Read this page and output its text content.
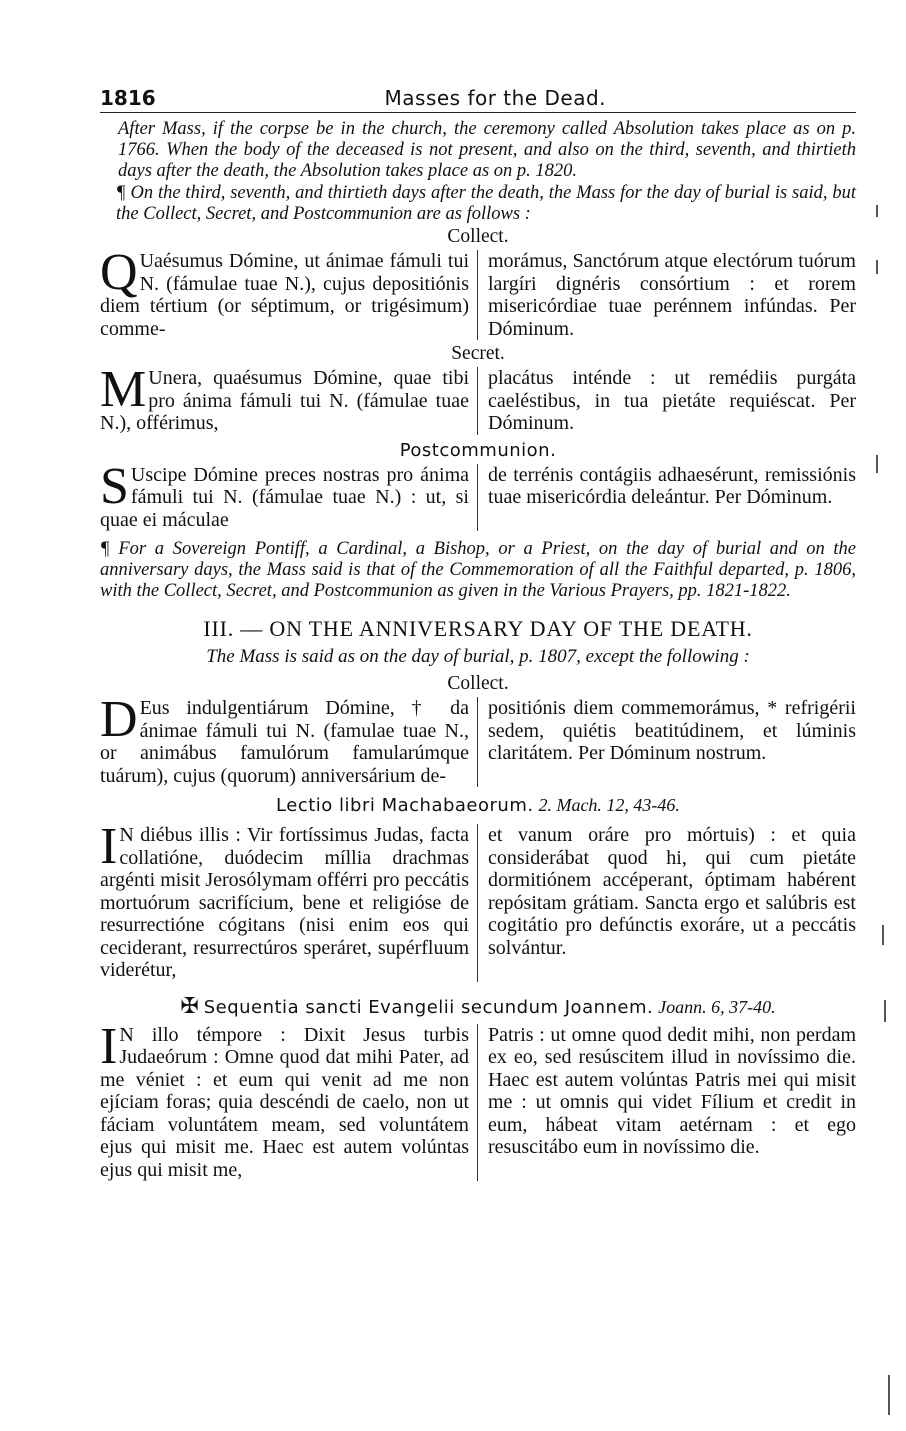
1816	Masses for the Dead.

After Mass, if the corpse be in the church, the ceremony called Absolution takes place as on p. 1766. When the body of the deceased is not present, and also on the third, seventh, and thirtieth days after the death, the Absolution takes place as on p. 1820.

¶ On the third, seventh, and thirtieth days after the death, the Mass for the day of burial is said, but the Collect, Secret, and Postcommunion are as follows :

Collect.
Q Uaésumus Dómine, ut ánimae fámuli tui N. (fámulae tuae N.), cujus depositiónis diem tértium (or séptimum, or trigésimum) comme-
morámus, Sanctórum atque electórum tuórum largíri dignéris consórtium : et rorem misericórdiae tuae perénnem infúndas. Per Dóminum.
Secret.
M Unera, quaésumus Dómine, quae tibi pro ánima fámuli tui N. (fámulae tuae N.), offérimus,
placátus inténde : ut remédiis purgáta caeléstibus, in tua pietáte requiéscat. Per Dóminum.
Postcommunion.
S Uscipe Dómine preces nostras pro ánima fámuli tui N. (fámulae tuae N.) : ut, si quae ei máculae
de terrénis contágiis adhaesérunt, remissiónis tuae misericórdia deleántur. Per Dóminum.

¶ For a Sovereign Pontiff, a Cardinal, a Bishop, or a Priest, on the day of burial and on the anniversary days, the Mass said is that of the Commemoration of all the Faithful departed, p. 1806, with the Collect, Secret, and Postcommunion as given in the Various Prayers, pp. 1821-1822.

III. — ON THE ANNIVERSARY DAY OF THE DEATH.
The Mass is said as on the day of burial, p. 1807, except the following :
Collect.
D Eus indulgentiárum Dómine, † da ánimae fámuli tui N. (famulae tuae N., or animábus famulórum famularúmque tuárum), cujus (quorum) anniversárium de-
positiónis diem commemorámus, * refrigérii sedem, quiétis beatitúdinem, et lúminis claritátem. Per Dóminum nostrum.
Lectio libri Machabaeorum. 2. Mach. 12, 43-46.
I N diébus illis : Vir fortíssimus Judas, facta collatióne, duódecim míllia drachmas argénti misit Jerosólymam offérri pro peccátis mortuórum sacrifícium, bene et religióse de resurrectióne cógitans (nisi enim eos qui ceciderant, resurrectúros speráret, supérfluum viderétur,
et vanum oráre pro mórtuis) : et quia considerábat quod hi, qui cum pietáte dormitiónem accéperant, óptimam habérent repósitam grátiam. Sancta ergo et salúbris est cogitátio pro defúnctis exoráre, ut a peccátis solvántur.
✠ Sequentia sancti Evangelii secundum Joannem. Joann. 6, 37-40.
I N illo témpore : Dixit Jesus turbis Judaeórum : Omne quod dat mihi Pater, ad me véniet : et eum qui venit ad me non ejíciam foras; quia descéndi de caelo, non ut fáciam voluntátem meam, sed voluntátem ejus qui misit me. Haec est autem volúntas ejus qui misit me,
Patris : ut omne quod dedit mihi, non perdam ex eo, sed resúscitem illud in novíssimo die. Haec est autem volúntas Patris mei qui misit me : ut omnis qui videt Fílium et credit in eum, hábeat vitam aetérnam : et ego resuscitábo eum in novíssimo die.
